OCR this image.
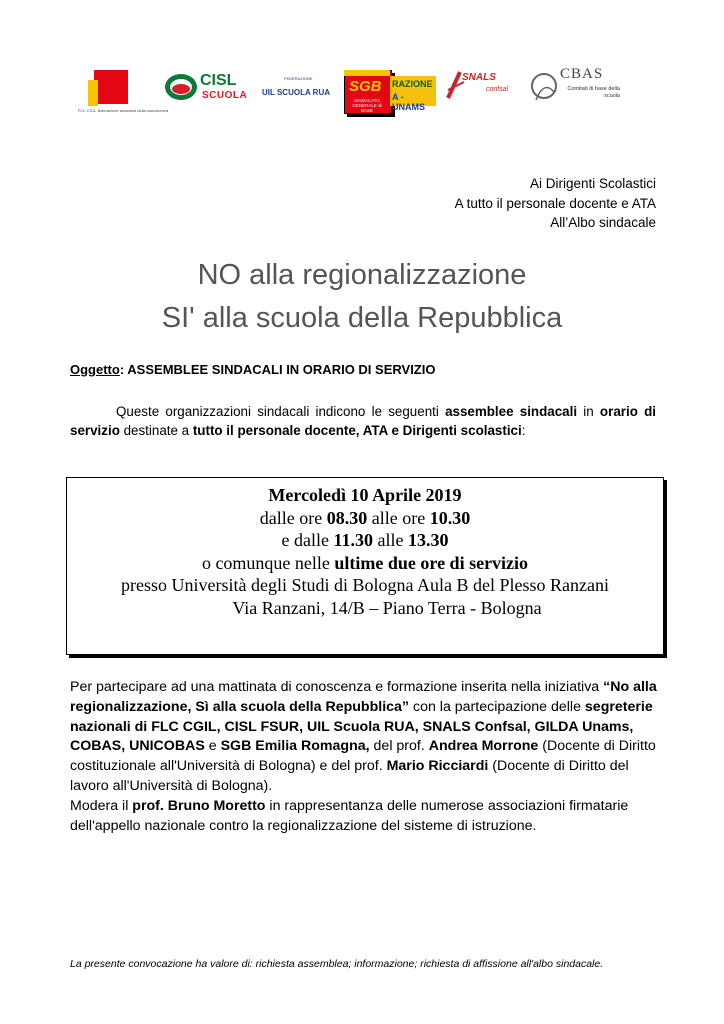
FLC CGIL federazione lavoratori della conoscenza
CISL
SCUOLA
FEDERAZIONE
UIL SCUOLA RUA SGB
SINDACATO GENERALE di BASE
RAZIONE
A - UNAMS
SNALS
confsal
CBAS
Comitati di base della scuola
Ai Dirigenti Scolastici
A tutto il personale docente e ATA
All’Albo sindacale
NO alla regionalizzazione
SI' alla scuola della Repubblica
Oggetto: ASSEMBLEE SINDACALI IN ORARIO DI SERVIZIO
Queste organizzazioni sindacali indicono le seguenti assemblee sindacali in orario di servizio destinate a tutto il personale docente, ATA e Dirigenti scolastici:
Mercoledì 10 Aprile 2019
dalle ore 08.30 alle ore 10.30
e dalle 11.30 alle 13.30
o comunque nelle ultime due ore di servizio
presso Università degli Studi di Bologna Aula B del Plesso Ranzani
Via Ranzani, 14/B – Piano Terra - Bologna
Per partecipare ad una mattinata di conoscenza e formazione inserita nella iniziativa “No alla regionalizzazione, Sì alla scuola della Repubblica” con la partecipazione delle segreterie nazionali di FLC CGIL, CISL FSUR, UIL Scuola RUA, SNALS Confsal, GILDA Unams, COBAS, UNICOBAS e SGB Emilia Romagna, del prof. Andrea Morrone (Docente di Diritto costituzionale all'Università di Bologna) e del prof. Mario Ricciardi (Docente di Diritto del lavoro all'Università di Bologna).
Modera il prof. Bruno Moretto in rappresentanza delle numerose associazioni firmatarie dell'appello nazionale contro la regionalizzazione del sisteme di istruzione.
La presente convocazione ha valore di: richiesta assemblea; informazione; richiesta di affissione all'albo sindacale.
